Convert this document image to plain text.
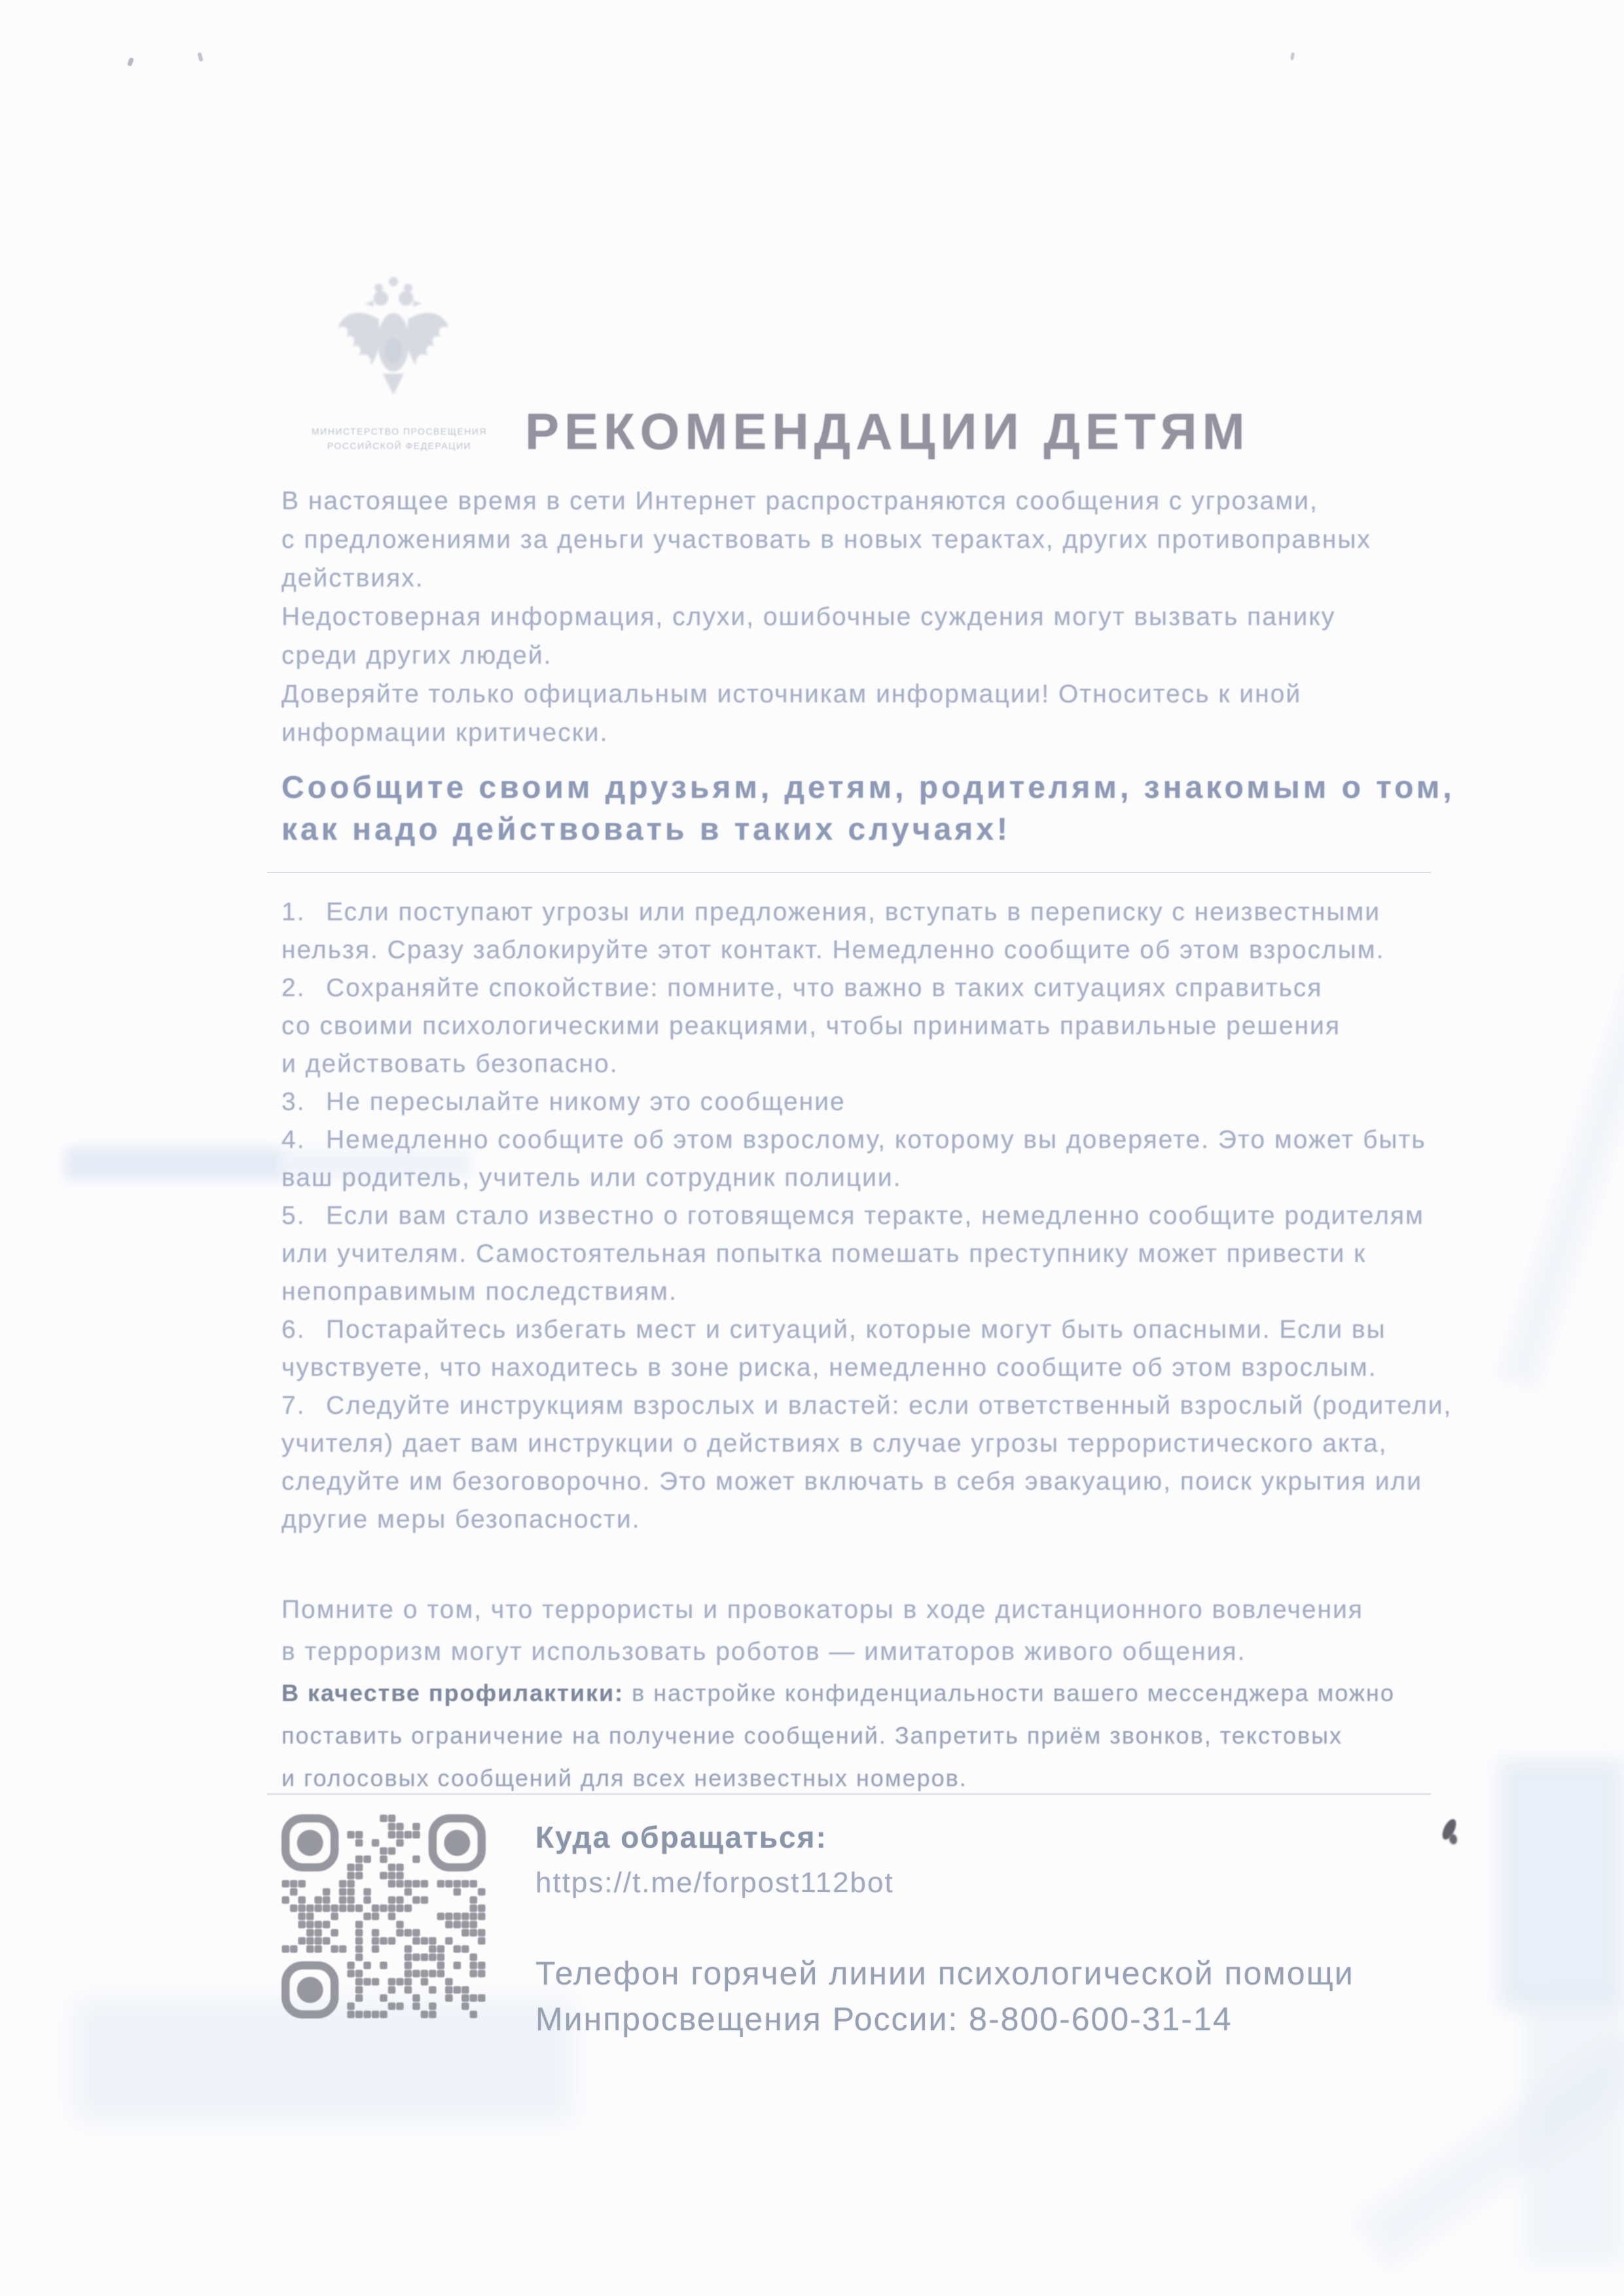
МИНИСТЕРСТВО ПРОСВЕЩЕНИЯ
РОССИЙСКОЙ ФЕДЕРАЦИИ	РЕКОМЕНДАЦИИ ДЕТЯМ
В настоящее время в сети Интернет распространяются сообщения с угрозами,
с предложениями за деньги участвовать в новых терактах, других противоправных
действиях.
Недостоверная информация, слухи, ошибочные суждения могут вызвать панику
среди других людей.
Доверяйте только официальным источникам информации! Относитесь к иной
информации критически.
Сообщите своим друзьям, детям, родителям, знакомым о том,
как надо действовать в таких случаях!
1. Если поступают угрозы или предложения, вступать в переписку с неизвестными
нельзя. Сразу заблокируйте этот контакт. Немедленно сообщите об этом взрослым.
2. Сохраняйте спокойствие: помните, что важно в таких ситуациях справиться
со своими психологическими реакциями, чтобы принимать правильные решения
и действовать безопасно.
3. Не пересылайте никому это сообщение
4. Немедленно сообщите об этом взрослому, которому вы доверяете. Это может быть
ваш родитель, учитель или сотрудник полиции.
5. Если вам стало известно о готовящемся теракте, немедленно сообщите родителям
или учителям. Самостоятельная попытка помешать преступнику может привести к
непоправимым последствиям.
6. Постарайтесь избегать мест и ситуаций, которые могут быть опасными. Если вы
чувствуете, что находитесь в зоне риска, немедленно сообщите об этом взрослым.
7. Следуйте инструкциям взрослых и властей: если ответственный взрослый (родители,
учителя) дает вам инструкции о действиях в случае угрозы террористического акта,
следуйте им безоговорочно. Это может включать в себя эвакуацию, поиск укрытия или
другие меры безопасности.
Помните о том, что террористы и провокаторы в ходе дистанционного вовлечения
в терроризм могут использовать роботов — имитаторов живого общения.
В качестве профилактики: в настройке конфиденциальности вашего мессенджера можно
поставить ограничение на получение сообщений. Запретить приём звонков, текстовых
и голосовых сообщений для всех неизвестных номеров.
Куда обращаться:
https://t.me/forpost112bot
Телефон горячей линии психологической помощи
Минпросвещения России: 8-800-600-31-14
